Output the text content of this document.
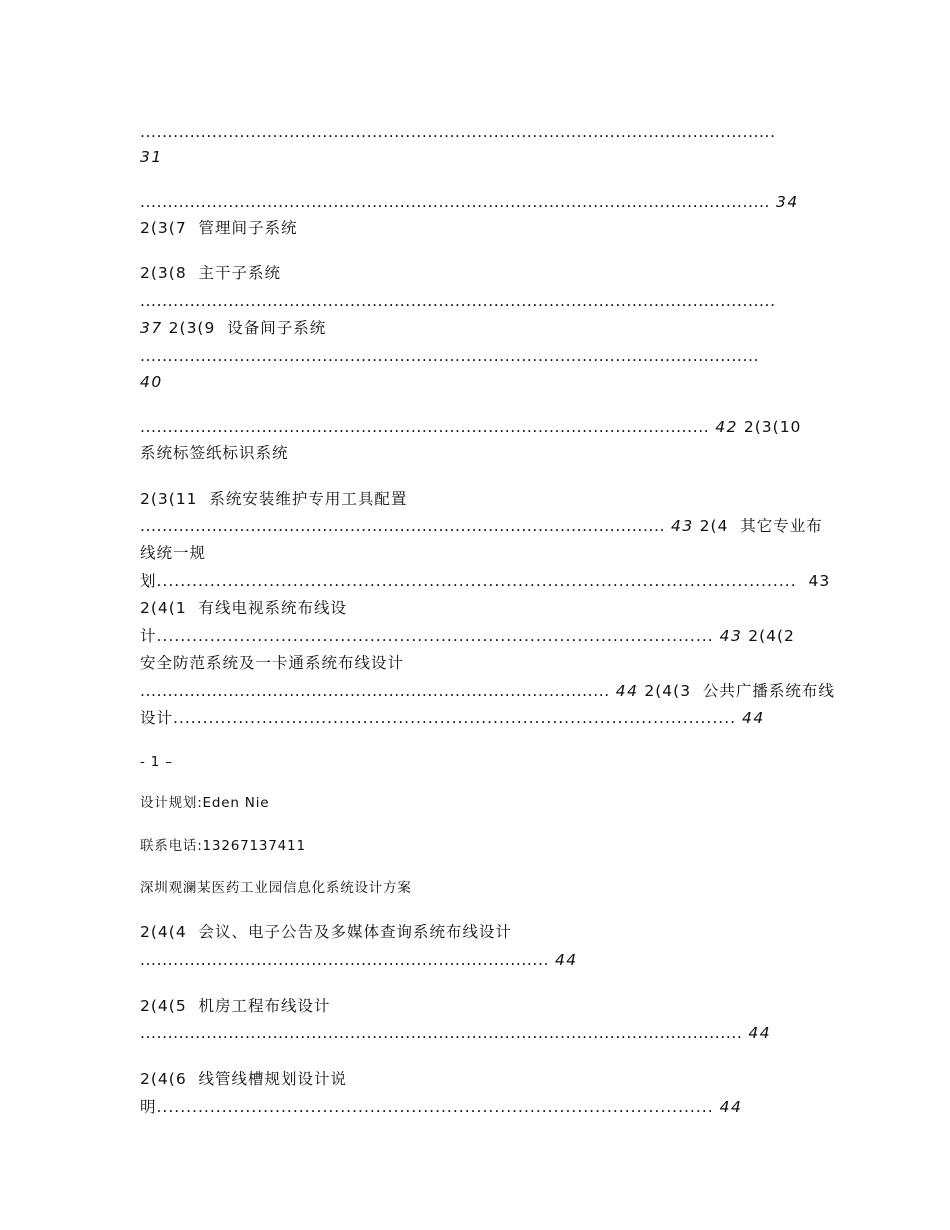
...................................................................................................................
31
.................................................................................................................. 34
2(3(7  管理间子系统
2(3(8  主干子系统
...................................................................................................................
37 2(3(9  设备间子系统
................................................................................................................
40
....................................................................................................... 42 2(3(10
系统标签纸标识系统
2(3(11  系统安装维护专用工具配置
............................................................................................... 43 2(4  其它专业布
线统一规
划............................................................................................................  43
2(4(1  有线电视系统布线设
计.............................................................................................. 43 2(4(2
安全防范系统及一卡通系统布线设计
..................................................................................... 44 2(4(3  公共广播系统布线
设计............................................................................................... 44
- 1 –
设计规划:Eden Nie
联系电话:13267137411
深圳观澜某医药工业园信息化系统设计方案
2(4(4  会议、电子公告及多媒体查询系统布线设计
.......................................................................... 44
2(4(5  机房工程布线设计
............................................................................................................. 44
2(4(6  线管线槽规划设计说
明.............................................................................................. 44
